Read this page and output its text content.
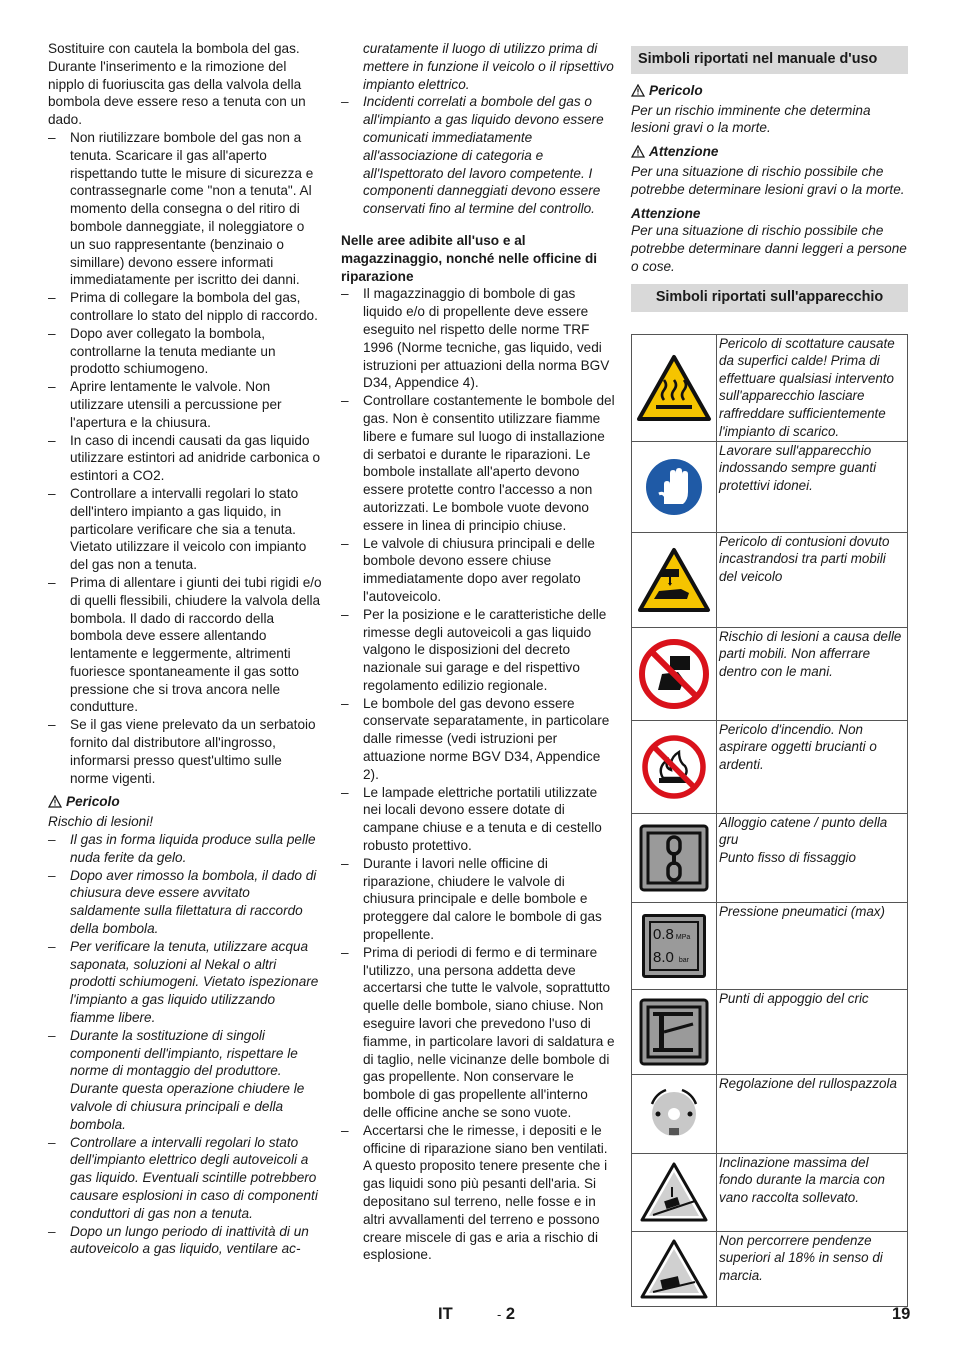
Sostituire con cautela la bombola del gas. Durante l'inserimento e la rimozione del nipplo di fuoriuscita gas della valvola della bombola deve essere reso a tenuta con un dado.

– Non riutilizzare bombole del gas non a tenuta. Scaricare il gas all'aperto rispettando tutte le misure di sicurezza e contrassegnarle come "non a tenuta". Al momento della consegna o del ritiro di bombole danneggiate, il noleggiatore o un suo rappresentante (benzinaio o simillare) devono essere informati immediatamente per iscritto dei danni.
– Prima di collegare la bombola del gas, controllare lo stato del nipplo di raccordo.
– Dopo aver collegato la bombola, controllarne la tenuta mediante un prodotto schiumogeno.
– Aprire lentamente le valvole. Non utilizzare utensili a percussione per l'apertura e la chiusura.
– In caso di incendi causati da gas liquido utilizzare estintori ad anidride carbonica o estintori a CO2.
– Controllare a intervalli regolari lo stato dell'intero impianto a gas liquido, in particolare verificare che sia a tenuta. Vietato utilizzare il veicolo con impianto del gas non a tenuta.
– Prima di allentare i giunti dei tubi rigidi e/o di quelli flessibili, chiudere la valvola della bombola. Il dado di raccordo della bombola deve essere allentando lentamente e leggermente, altrimenti fuoriesce spontaneamente il gas sotto pressione che si trova ancora nelle condutture.
– Se il gas viene prelevato da un serbatoio fornito dal distributore all'ingrosso, informarsi presso quest'ultimo sulle norme vigenti.

Pericolo

Rischio di lesioni!

– Il gas in forma liquida produce sulla pelle nuda ferite da gelo.
– Dopo aver rimosso la bombola, il dado di chiusura deve essere avvitato saldamente sulla filettatura di raccordo della bombola.
– Per verificare la tenuta, utilizzare acqua saponata, soluzioni al Nekal o altri prodotti schiumogeni. Vietato ispezionare l'impianto a gas liquido utilizzando fiamme libere.
– Durante la sostituzione di singoli componenti dell'impianto, rispettare le norme di montaggio del produttore. Durante questa operazione chiudere le valvole di chiusura principali e della bombola.
– Controllare a intervalli regolari lo stato dell'impianto elettrico degli autoveicoli a gas liquido. Eventuali scintille potrebbero causare esplosioni in caso di componenti conduttori di gas non a tenuta.
– Dopo un lungo periodo di inattività di un autoveicolo a gas liquido, ventilare ac-

curatamente il luogo di utilizzo prima di mettere in funzione il veicolo o il ripsettivo impianto elettrico.

– Incidenti correlati a bombole del gas o all'impianto a gas liquido devono essere comunicati immediatamente all'associazione di categoria e all'Ispettorato del lavoro competente. I componenti danneggiati devono essere conservati fino al termine del controllo.

Nelle aree adibite all'uso e al magazzinaggio, nonché nelle officine di riparazione

– Il magazzinaggio di bombole di gas liquido e/o di propellente deve essere eseguito nel rispetto delle norme TRF 1996 (Norme tecniche, gas liquido, vedi istruzioni per attuazioni della norma BGV D34, Appendice 4).
– Controllare costantemente le bombole del gas. Non è consentito utilizzare fiamme libere e fumare sul luogo di installazione di serbatoi e durante le riparazioni. Le bombole installate all'aperto devono essere protette contro l'accesso a non autorizzati. Le bombole vuote devono essere in linea di principio chiuse.
– Le valvole di chiusura principali e delle bombole devono essere chiuse immediatamente dopo aver regolato l'autoveicolo.
– Per la posizione e le caratteristiche delle rimesse degli autoveicoli a gas liquido valgono le disposizioni del decreto nazionale sui garage e del rispettivo regolamento edilizio regionale.
– Le bombole del gas devono essere conservate separatamente, in particolare dalle rimesse (vedi istruzioni per attuazione norme BGV D34, Appendice 2).
– Le lampade elettriche portatili utilizzate nei locali devono essere dotate di campane chiuse e a tenuta e di cestello robusto protettivo.
– Durante i lavori nelle officine di riparazione, chiudere le valvole di chiusura principale e delle bombole e proteggere dal calore le bombole di gas propellente.
– Prima di periodi di fermo e di terminare l'utilizzo, una persona addetta deve accertarsi che tutte le valvole, soprattutto quelle delle bombole, siano chiuse. Non eseguire lavori che prevedono l'uso di fiamme, in particolare lavori di saldatura e di taglio, nelle vicinanze delle bombole di gas propellente. Non conservare le bombole di gas propellente all'interno delle officine anche se sono vuote.
– Accertarsi che le rimesse, i depositi e le officine di riparazione siano ben ventilati. A questo proposito tenere presente che i gas liquidi sono più pesanti dell'aria. Si depositano sul terreno, nelle fosse e in altri avvallamenti del terreno e possono creare miscele di gas e aria a rischio di esplosione.
Simboli riportati nel manuale d'uso

Pericolo

Per un rischio imminente che determina lesioni gravi o la morte.

Attenzione

Per una situazione di rischio possibile che potrebbe determinare lesioni gravi o la morte.

Attenzione

Per una situazione di rischio possibile che potrebbe determinare danni leggeri a persone o cose.

Simboli riportati sull'apparecchio
	Pericolo di scottature causate da superfici calde! Prima di effettuare qualsiasi intervento sull'apparecchio lasciare raffreddare sufficientemente l'impianto di scarico.

	Lavorare sull'apparecchio indossando sempre guanti protettivi idonei.

	Pericolo di contusioni dovuto incastrandosi tra parti mobili del veicolo

	Rischio di lesioni a causa delle parti mobili. Non afferrare dentro con le mani.

	Pericolo d'incendio. Non aspirare oggetti brucianti o ardenti.

Alloggio catene / punto della gru
Punto fisso di fissaggio

0.8 MPa
8.0 bar	Pressione pneumatici (max)

	Punti di appoggio del cric

	Regolazione del rullospazzola

	Inclinazione massima del fondo durante la marcia con vano raccolta sollevato.

	Non percorrere pendenze superiori al 18% in senso di marcia.
IT	- 2	19
